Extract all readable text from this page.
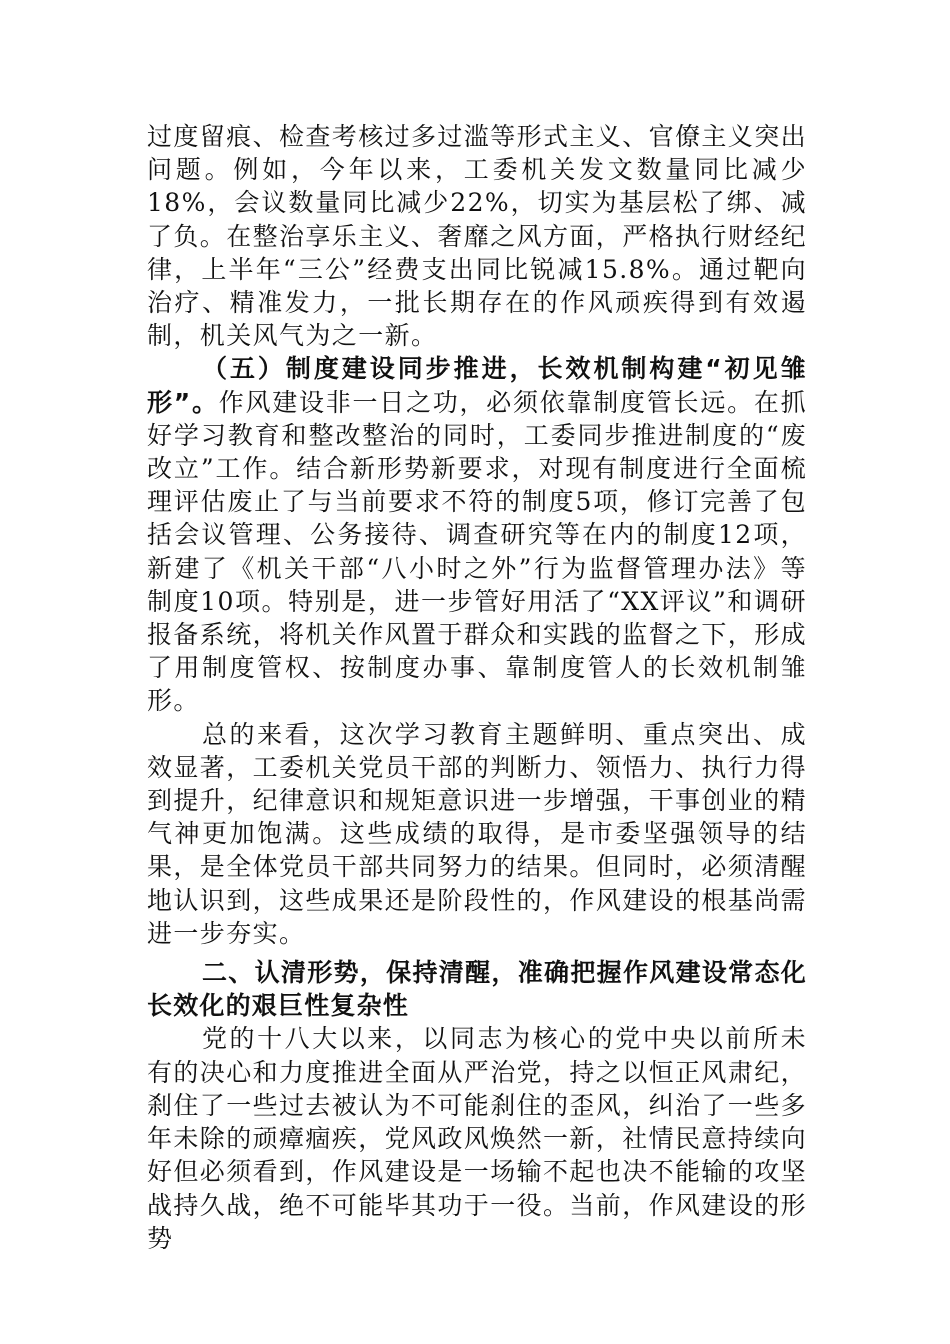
过度留痕、检查考核过多过滥等形式主义、官僚主义突出问题。例如，今年以来，工委机关发文数量同比减少18%，会议数量同比减少22%，切实为基层松了绑、减了负。在整治享乐主义、奢靡之风方面，严格执行财经纪律，上半年“三公”经费支出同比锐减15.8%。通过靶向治疗、精准发力，一批长期存在的作风顽疾得到有效遏制，机关风气为之一新。

（五）制度建设同步推进，长效机制构建“初见雏形”。作风建设非一日之功，必须依靠制度管长远。在抓好学习教育和整改整治的同时，工委同步推进制度的“废改立”工作。结合新形势新要求，对现有制度进行全面梳理评估废止了与当前要求不符的制度5项，修订完善了包括会议管理、公务接待、调查研究等在内的制度12项，新建了《机关干部“八小时之外”行为监督管理办法》等制度10项。特别是，进一步管好用活了“XX评议”和调研报备系统，将机关作风置于群众和实践的监督之下，形成了用制度管权、按制度办事、靠制度管人的长效机制雏形。

总的来看，这次学习教育主题鲜明、重点突出、成效显著，工委机关党员干部的判断力、领悟力、执行力得到提升，纪律意识和规矩意识进一步增强，干事创业的精气神更加饱满。这些成绩的取得，是市委坚强领导的结果，是全体党员干部共同努力的结果。但同时，必须清醒地认识到，这些成果还是阶段性的，作风建设的根基尚需进一步夯实。

二、认清形势，保持清醒，准确把握作风建设常态化长效化的艰巨性复杂性

党的十八大以来，以同志为核心的党中央以前所未有的决心和力度推进全面从严治党，持之以恒正风肃纪，刹住了一些过去被认为不可能刹住的歪风，纠治了一些多年未除的顽瘴痼疾，党风政风焕然一新，社情民意持续向好但必须看到，作风建设是一场输不起也决不能输的攻坚战持久战，绝不可能毕其功于一役。当前，作风建设的形势
